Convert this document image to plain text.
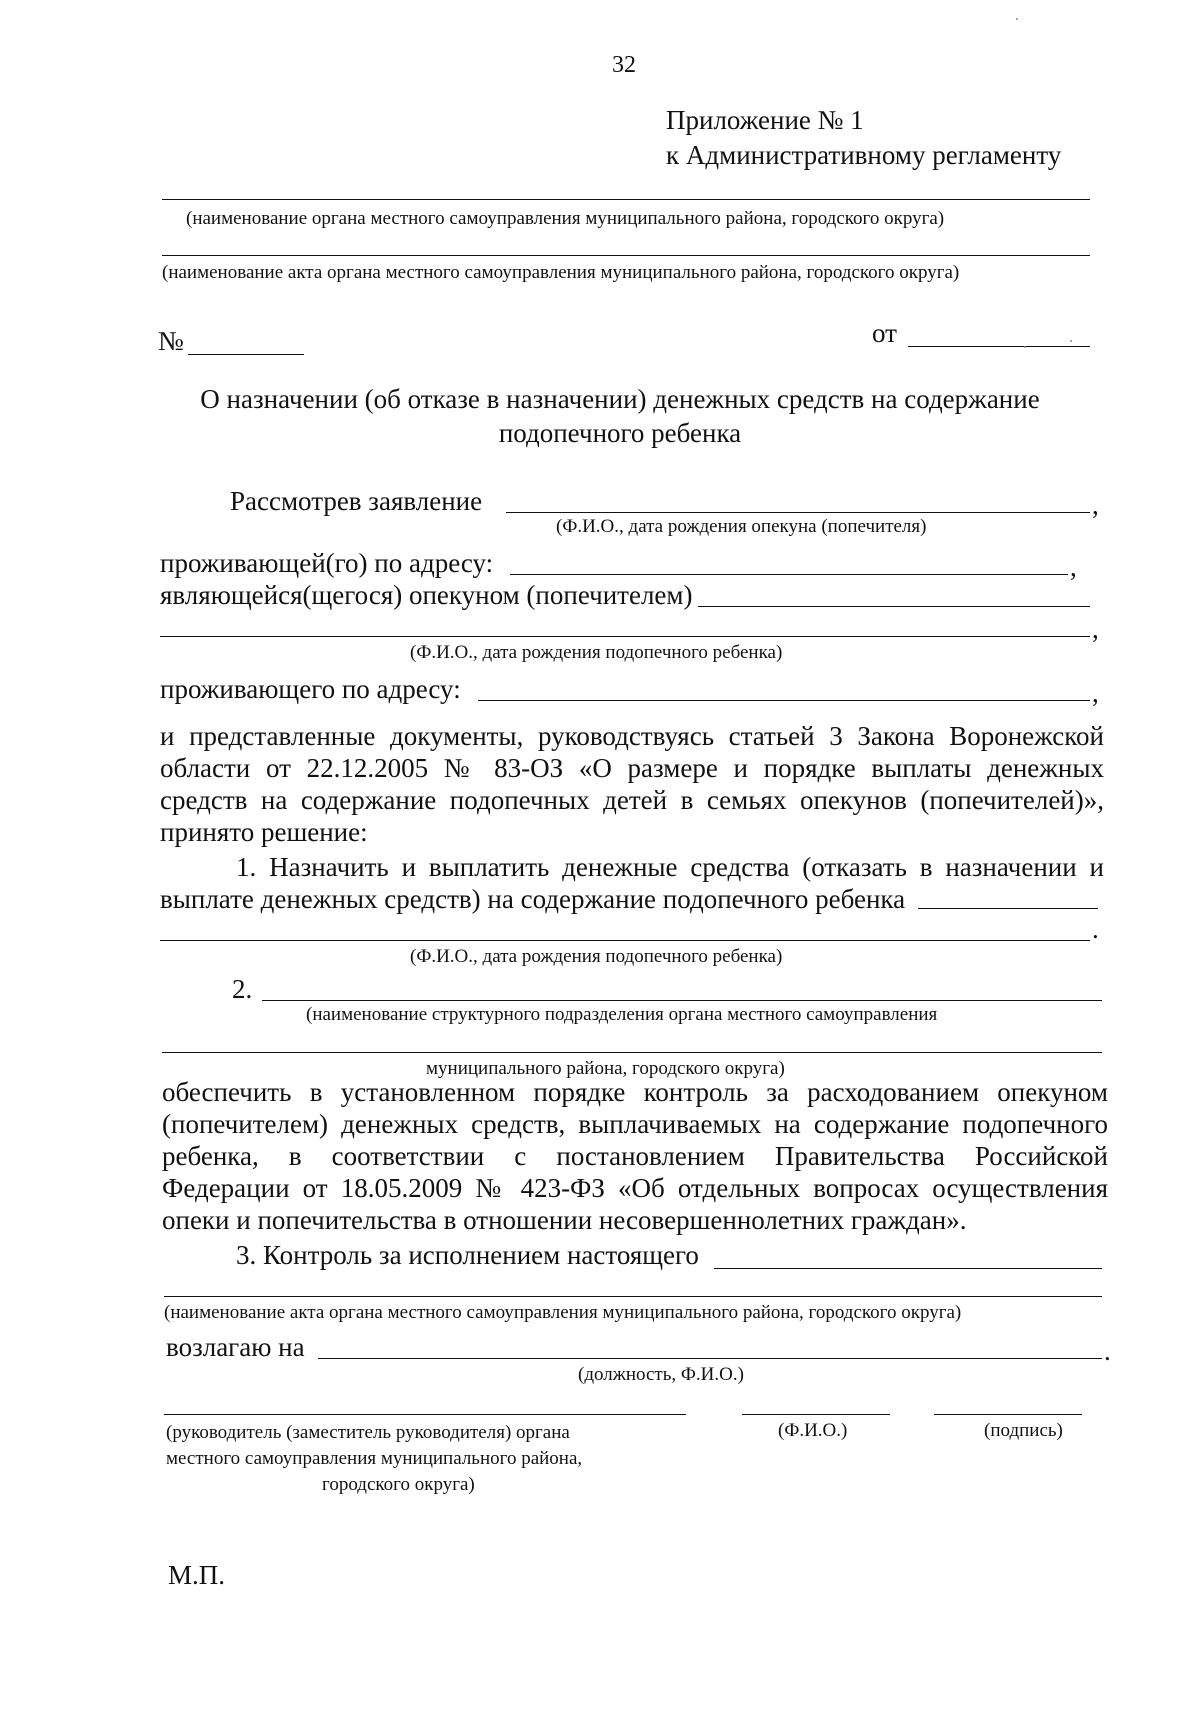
32
Приложение № 1
к Административному регламенту
(наименование органа местного самоуправления муниципального района, городского округа)
(наименование акта органа местного самоуправления муниципального района, городского округа)
№	от
О назначении (об отказе в назначении) денежных средств на содержание
подопечного ребенка
Рассмотрев заявление	,
(Ф.И.О., дата рождения опекуна (попечителя)
проживающей(го) по адресу:	,
являющейся(щегося) опекуном (попечителем)
,
(Ф.И.О., дата рождения подопечного ребенка)
проживающего по адресу:	,
и представленные документы, руководствуясь статьей 3 Закона Воронежской
области от 22.12.2005 № 83-ОЗ «О размере и порядке выплаты денежных
средств на содержание подопечных детей в семьях опекунов (попечителей)»,
принято решение:
1. Назначить и выплатить денежные средства (отказать в назначении и
выплате денежных средств) на содержание подопечного ребенка
.
(Ф.И.О., дата рождения подопечного ребенка)
2.
(наименование структурного подразделения органа местного самоуправления
муниципального района, городского округа)
обеспечить в установленном порядке контроль за расходованием опекуном
(попечителем) денежных средств, выплачиваемых на содержание подопечного
ребенка, в соответствии с постановлением Правительства Российской
Федерации от 18.05.2009 № 423-ФЗ «Об отдельных вопросах осуществления
опеки и попечительства в отношении несовершеннолетних граждан».
3. Контроль за исполнением настоящего
(наименование акта органа местного самоуправления муниципального района, городского округа)
возлагаю на	.
(должность, Ф.И.О.)
(руководитель (заместитель руководителя) органа
местного самоуправления муниципального района,
городского округа)
(Ф.И.О.)	(подпись)
М.П.
